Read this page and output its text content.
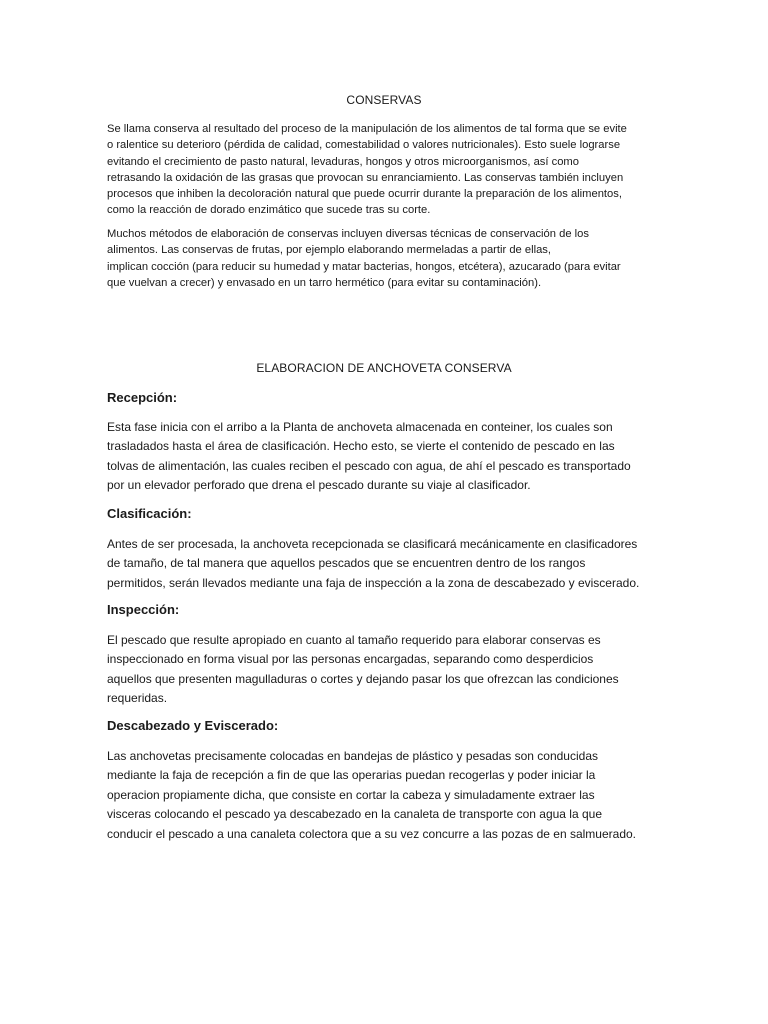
CONSERVAS
Se llama conserva al resultado del proceso de la manipulación de los alimentos de tal forma que se evite
o ralentice su deterioro (pérdida de calidad, comestabilidad o valores nutricionales). Esto suele lograrse
evitando el crecimiento de pasto natural, levaduras, hongos y otros microorganismos, así como
retrasando la oxidación de las grasas que provocan su enranciamiento. Las conservas también incluyen
procesos que inhiben la decoloración natural que puede ocurrir durante la preparación de los alimentos,
como la reacción de dorado enzimático que sucede tras su corte.
Muchos métodos de elaboración de conservas incluyen diversas técnicas de conservación de los
alimentos. Las conservas de frutas, por ejemplo elaborando mermeladas a partir de ellas,
implican cocción (para reducir su humedad y matar bacterias, hongos, etcétera), azucarado (para evitar
que vuelvan a crecer) y envasado en un tarro hermético (para evitar su contaminación).
ELABORACION DE ANCHOVETA CONSERVA
Recepción:
Esta fase inicia con el arribo a la Planta de anchoveta almacenada en conteiner, los cuales son
trasladados hasta el área de clasificación. Hecho esto, se vierte el contenido de pescado en las
tolvas de alimentación, las cuales reciben el pescado con agua, de ahí el pescado es transportado
por un elevador perforado que drena el pescado durante su viaje al clasificador.
Clasificación:
Antes de ser procesada, la anchoveta recepcionada se clasificará mecánicamente en clasificadores
de tamaño, de tal manera que aquellos pescados que se encuentren dentro de los rangos
permitidos, serán llevados mediante una faja de inspección a la zona de descabezado y eviscerado.
Inspección:
El pescado que resulte apropiado en cuanto al tamaño requerido para elaborar conservas es
inspeccionado en forma visual por las personas encargadas, separando como desperdicios
aquellos que presenten magulladuras o cortes y dejando pasar los que ofrezcan las condiciones
requeridas.
Descabezado y Eviscerado:
Las anchovetas precisamente colocadas en bandejas de plástico y pesadas son conducidas
mediante la faja de recepción a fin de que las operarias puedan recogerlas y poder iniciar la
operacion propiamente dicha, que consiste en cortar la cabeza y simuladamente extraer las
visceras colocando el pescado ya descabezado en la canaleta de transporte con agua la que
conducir el pescado a una canaleta colectora que a su vez concurre a las pozas de en salmuerado.
